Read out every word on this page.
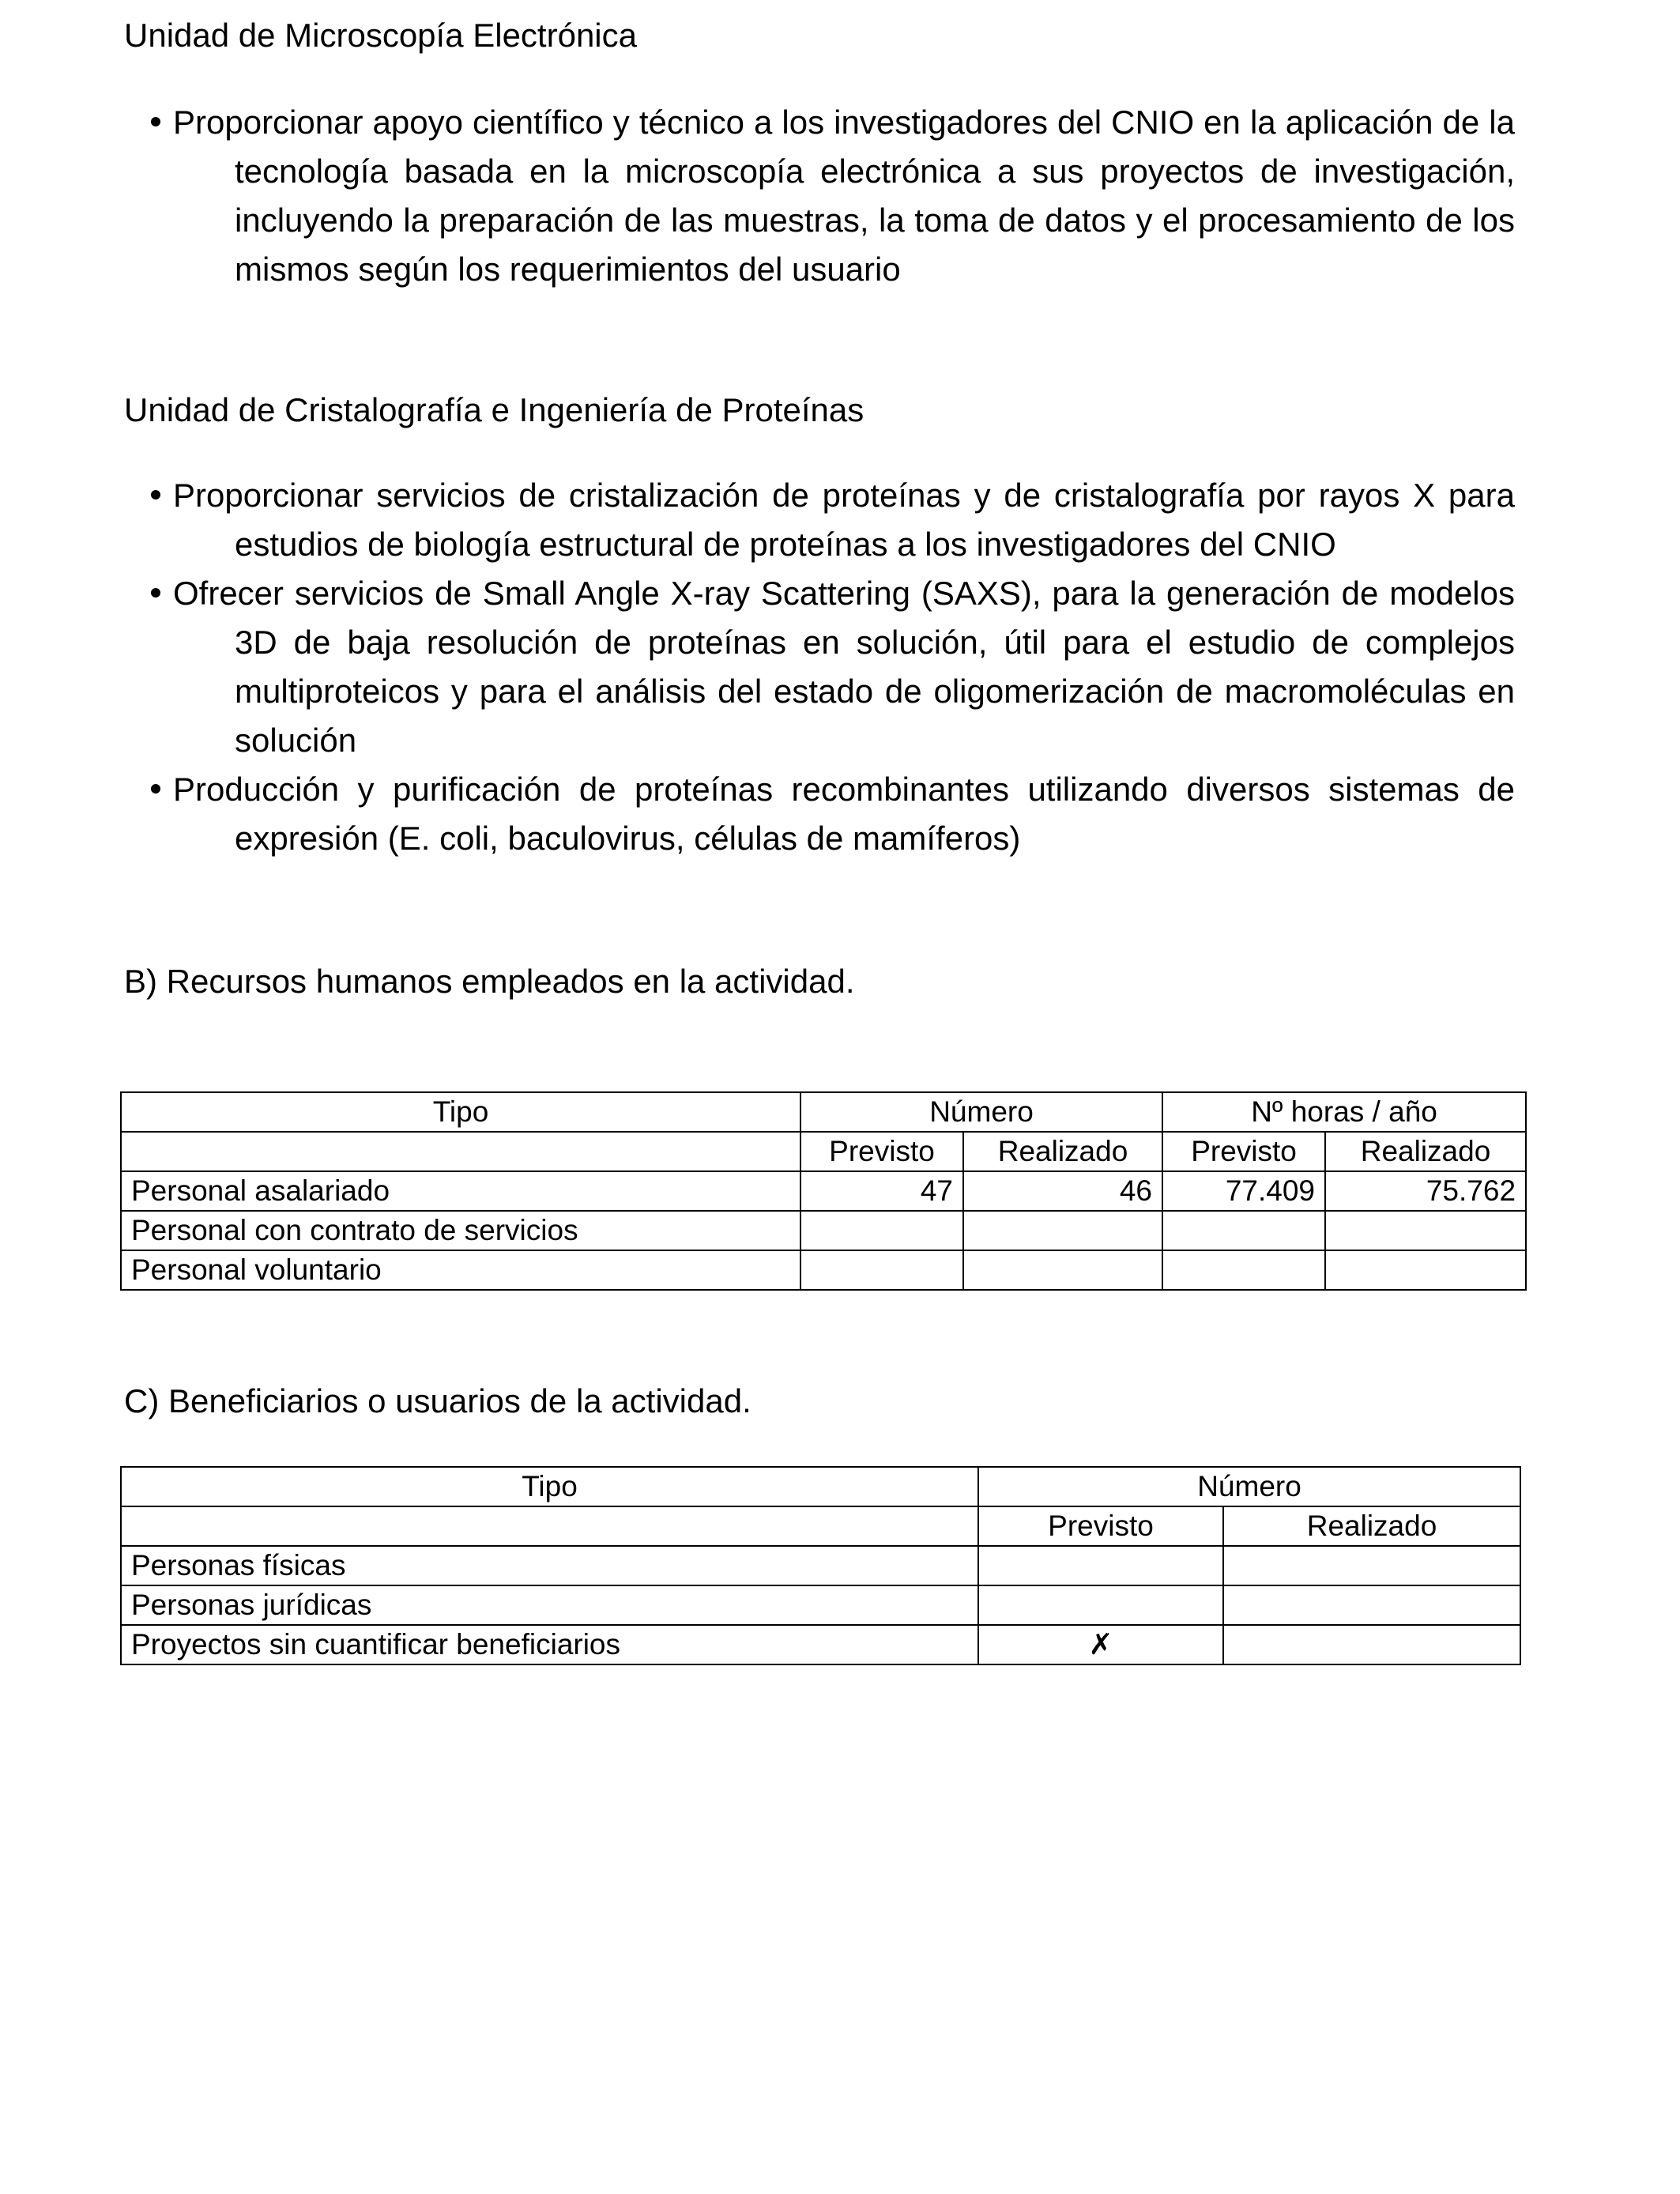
Unidad de Microscopía Electrónica
Proporcionar apoyo científico y técnico a los investigadores del CNIO en la aplicación de la tecnología basada en la microscopía electrónica a sus proyectos de investigación, incluyendo la preparación de las muestras, la toma de datos y el procesamiento de los mismos según los requerimientos del usuario
Unidad de Cristalografía e Ingeniería de Proteínas
Proporcionar servicios de cristalización de proteínas y de cristalografía por rayos X para estudios de biología estructural de proteínas a los investigadores del CNIO
Ofrecer servicios de Small Angle X-ray Scattering (SAXS), para la generación de modelos 3D de baja resolución de proteínas en solución, útil para el estudio de complejos multiproteicos y para el análisis del estado de oligomerización de macromoléculas en solución
Producción y purificación de proteínas recombinantes utilizando diversos sistemas de expresión (E. coli, baculovirus, células de mamíferos)
B) Recursos humanos empleados en la actividad.
Tipo	Número		Nº horas / año	
	Previsto	Realizado	Previsto	Realizado
Personal asalariado	47	46	77.409	75.762
Personal con contrato de servicios				
Personal voluntario				
C) Beneficiarios o usuarios de la actividad.
Tipo	Número	
	Previsto	Realizado
Personas físicas		
Personas jurídicas		
Proyectos sin cuantificar beneficiarios	✗	
